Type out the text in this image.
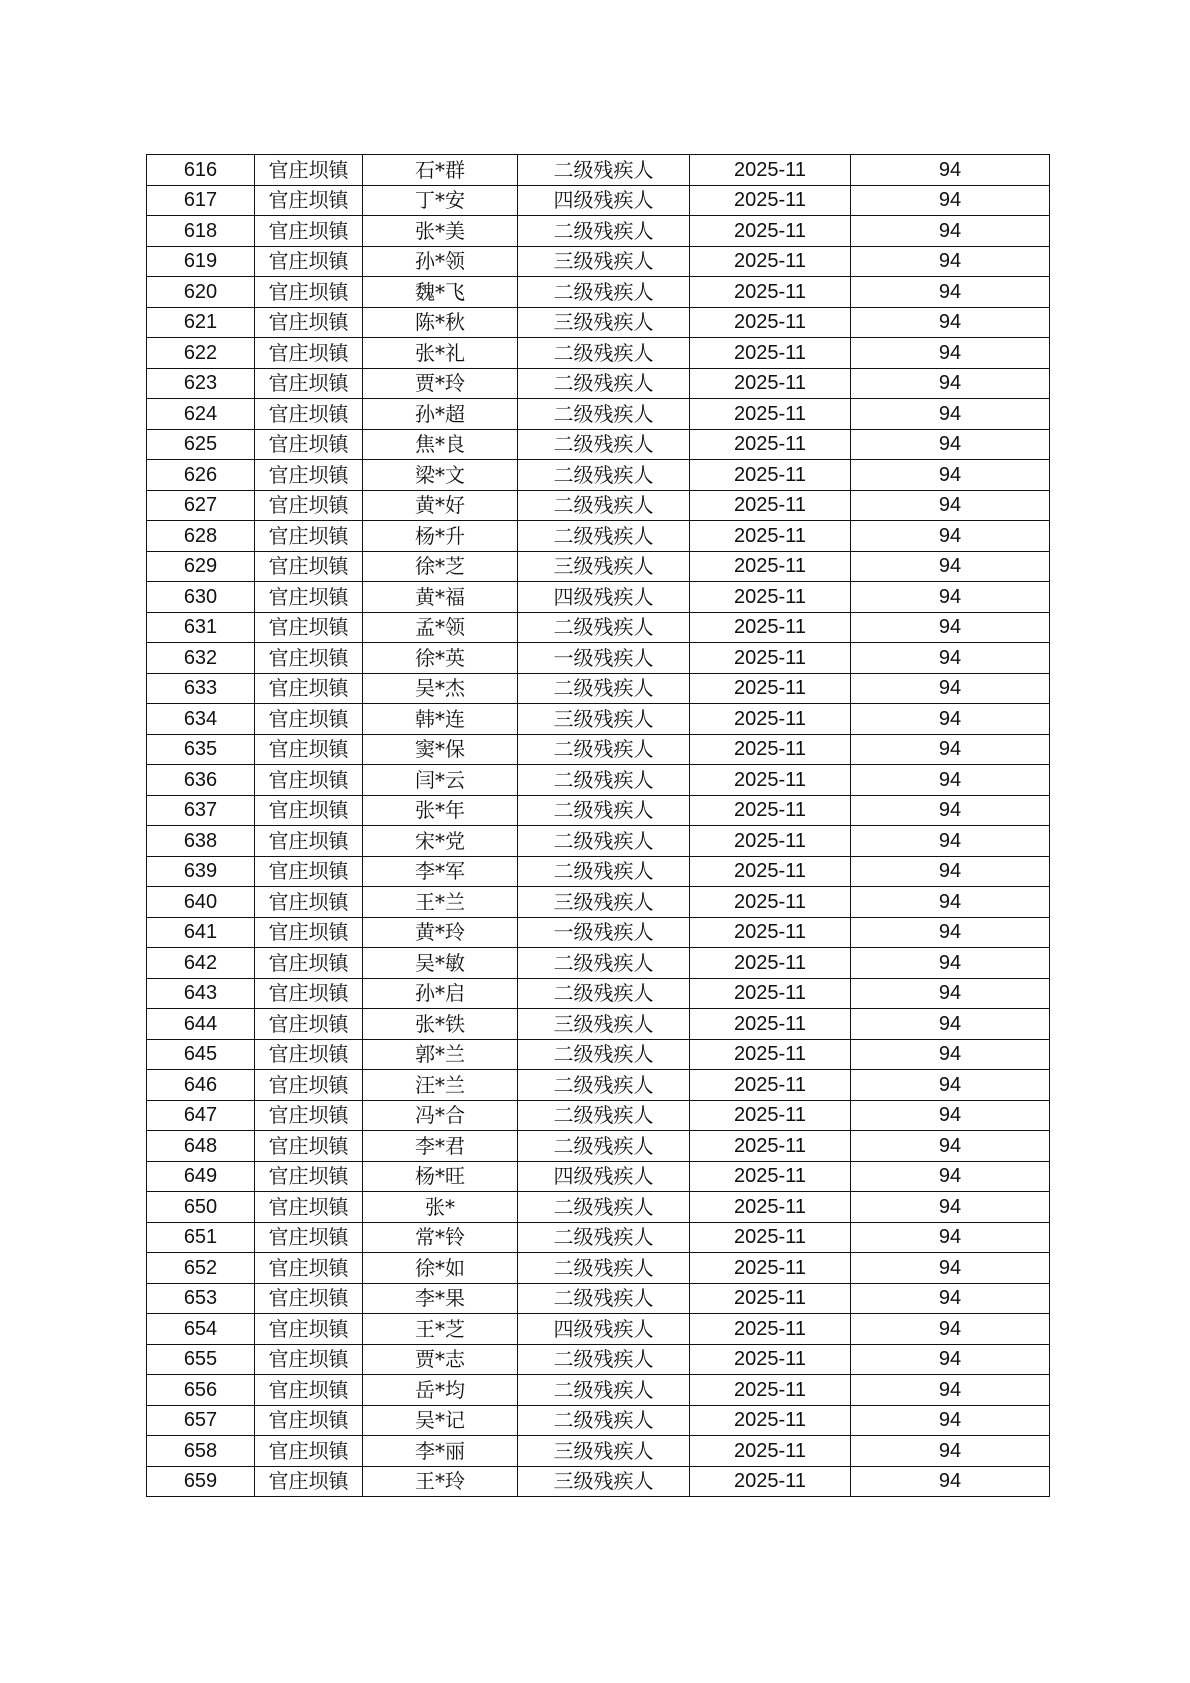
616	官庄坝镇	石*群	二级残疾人	2025-11	94
617	官庄坝镇	丁*安	四级残疾人	2025-11	94
618	官庄坝镇	张*美	二级残疾人	2025-11	94
619	官庄坝镇	孙*领	三级残疾人	2025-11	94
620	官庄坝镇	魏*飞	二级残疾人	2025-11	94
621	官庄坝镇	陈*秋	三级残疾人	2025-11	94
622	官庄坝镇	张*礼	二级残疾人	2025-11	94
623	官庄坝镇	贾*玲	二级残疾人	2025-11	94
624	官庄坝镇	孙*超	二级残疾人	2025-11	94
625	官庄坝镇	焦*良	二级残疾人	2025-11	94
626	官庄坝镇	梁*文	二级残疾人	2025-11	94
627	官庄坝镇	黄*好	二级残疾人	2025-11	94
628	官庄坝镇	杨*升	二级残疾人	2025-11	94
629	官庄坝镇	徐*芝	三级残疾人	2025-11	94
630	官庄坝镇	黄*福	四级残疾人	2025-11	94
631	官庄坝镇	孟*领	二级残疾人	2025-11	94
632	官庄坝镇	徐*英	一级残疾人	2025-11	94
633	官庄坝镇	吴*杰	二级残疾人	2025-11	94
634	官庄坝镇	韩*连	三级残疾人	2025-11	94
635	官庄坝镇	窦*保	二级残疾人	2025-11	94
636	官庄坝镇	闫*云	二级残疾人	2025-11	94
637	官庄坝镇	张*年	二级残疾人	2025-11	94
638	官庄坝镇	宋*党	二级残疾人	2025-11	94
639	官庄坝镇	李*军	二级残疾人	2025-11	94
640	官庄坝镇	王*兰	三级残疾人	2025-11	94
641	官庄坝镇	黄*玲	一级残疾人	2025-11	94
642	官庄坝镇	吴*敏	二级残疾人	2025-11	94
643	官庄坝镇	孙*启	二级残疾人	2025-11	94
644	官庄坝镇	张*铁	三级残疾人	2025-11	94
645	官庄坝镇	郭*兰	二级残疾人	2025-11	94
646	官庄坝镇	汪*兰	二级残疾人	2025-11	94
647	官庄坝镇	冯*合	二级残疾人	2025-11	94
648	官庄坝镇	李*君	二级残疾人	2025-11	94
649	官庄坝镇	杨*旺	四级残疾人	2025-11	94
650	官庄坝镇	张*	二级残疾人	2025-11	94
651	官庄坝镇	常*铃	二级残疾人	2025-11	94
652	官庄坝镇	徐*如	二级残疾人	2025-11	94
653	官庄坝镇	李*果	二级残疾人	2025-11	94
654	官庄坝镇	王*芝	四级残疾人	2025-11	94
655	官庄坝镇	贾*志	二级残疾人	2025-11	94
656	官庄坝镇	岳*均	二级残疾人	2025-11	94
657	官庄坝镇	吴*记	二级残疾人	2025-11	94
658	官庄坝镇	李*丽	三级残疾人	2025-11	94
659	官庄坝镇	王*玲	三级残疾人	2025-11	94
